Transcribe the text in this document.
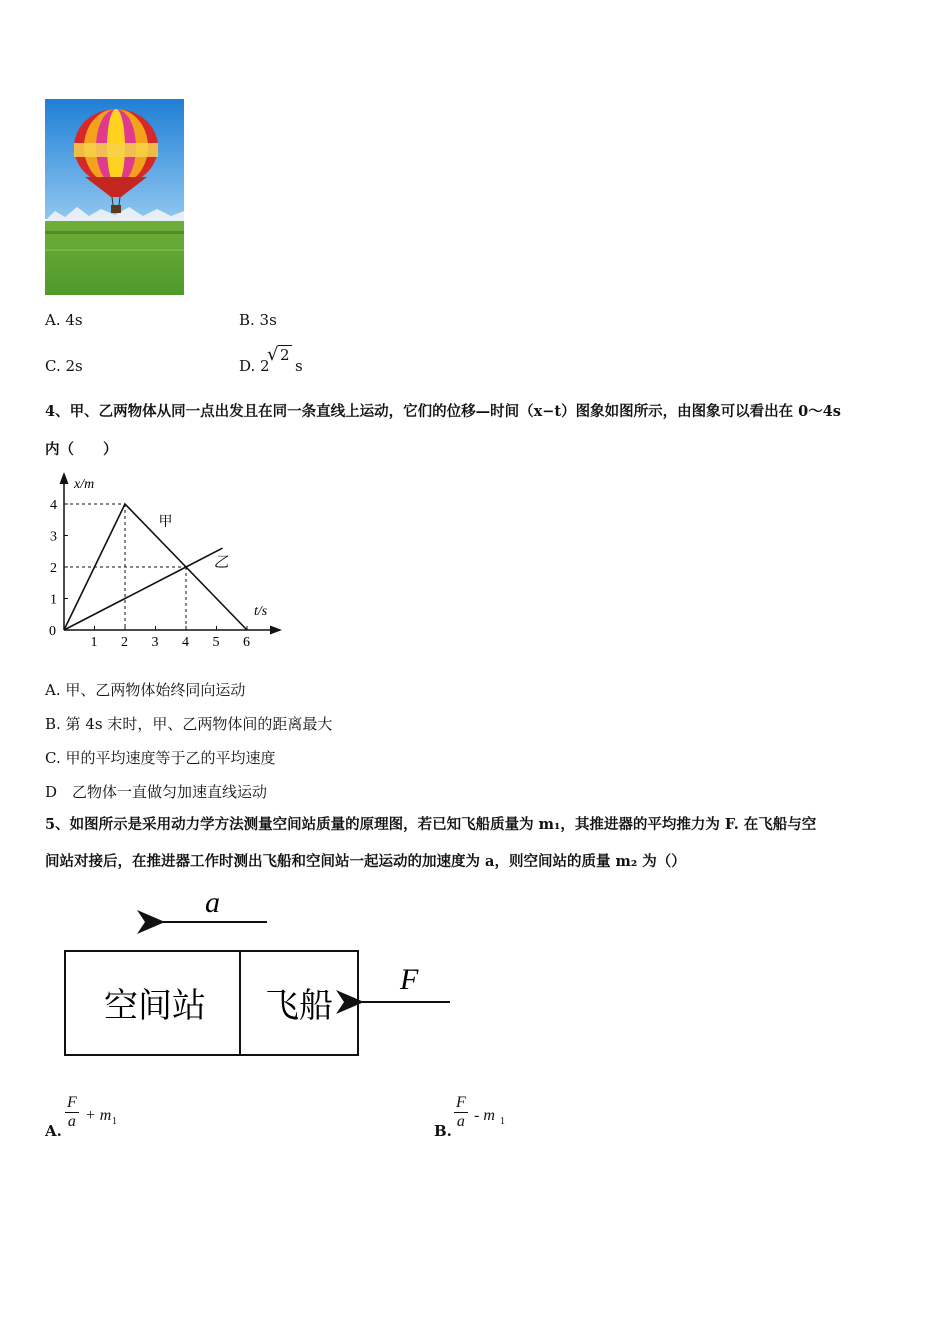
A. 4s	B. 3s
C. 2s	D. 2
√ 2
s
4、甲、乙两物体从同一点出发且在同一条直线上运动，它们的位移—时间（x−t）图象如图所示，由图象可以看出在 0～4s
内（　　）
x/m
t/s
4
3
2
1
0
1 2 3 4 5 6
甲
乙
A. 甲、乙两物体始终同向运动
B. 第 4s 末时，甲、乙两物体间的距离最大
C. 甲的平均速度等于乙的平均速度
D　乙物体一直做匀加速直线运动
5、如图所示是采用动力学方法测量空间站质量的原理图，若已知飞船质量为 m₁，其推进器的平均推力为 F. 在飞船与空
间站对接后，在推进器工作时测出飞船和空间站一起运动的加速度为 a，则空间站的质量 m₂ 为（）
a
空间站 飞船
F
A. $\frac{F}{a} + m$ 1
B. $\frac{F}{a}$ - m 1
